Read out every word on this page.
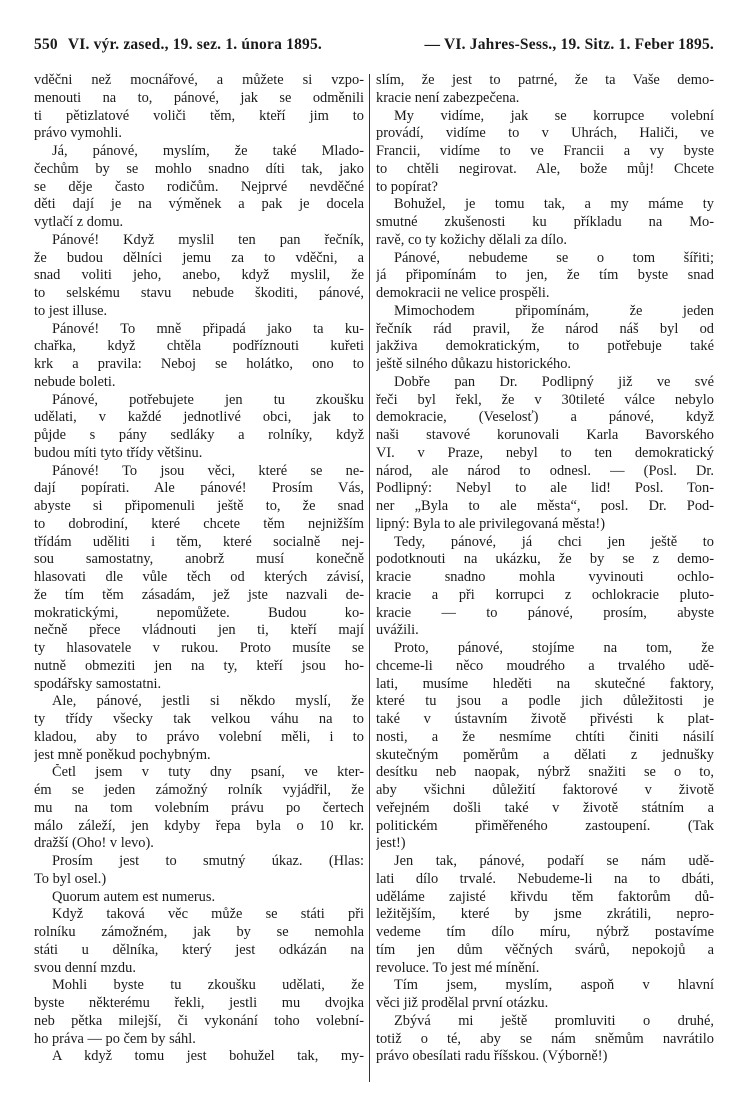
550 VI. výr. zased., 19. sez. 1. února 1895.	— VI. Jahres-Sess., 19. Sitz. 1. Feber 1895.
vděčni než mocnářové, a můžete si vzpo-
menouti na to, pánové, jak se odměnili
ti pětizlatové voliči těm, kteří jim to
právo vymohli.
Já, pánové, myslím, že také Mlado-
čechům by se mohlo snadno díti tak, jako
se děje často rodičům. Nejprvé nevděčné
děti dají je na výměnek a pak je docela
vytlačí z domu.
Pánové! Když myslil ten pan řečník,
že budou dělníci jemu za to vděčni, a
snad voliti jeho, anebo, když myslil, že
to selskému stavu nebude škoditi, pánové,
to jest illuse.
Pánové! To mně připadá jako ta ku-
chařka, když chtěla podříznouti kuřeti
krk a pravila: Neboj se holátko, ono to
nebude boleti.
Pánové, potřebujete jen tu zkoušku
udělati, v každé jednotlivé obci, jak to
půjde s pány sedláky a rolníky, když
budou míti tyto třídy většinu.
Pánové! To jsou věci, které se ne-
dají popírati. Ale pánové! Prosím Vás,
abyste si připomenuli ještě to, že snad
to dobrodiní, které chcete těm nejnižším
třídám uděliti i těm, které socialně nej-
sou samostatny, anobrž musí konečně
hlasovati dle vůle těch od kterých závisí,
že tím těm zásadám, jež jste nazvali de-
mokratickými, nepomůžete. Budou ko-
nečně přece vládnouti jen ti, kteří mají
ty hlasovatele v rukou. Proto musíte se
nutně obmeziti jen na ty, kteří jsou ho-
spodářsky samostatni.
Ale, pánové, jestli si někdo myslí, že
ty třídy všecky tak velkou váhu na to
kladou, aby to právo volební měli, i to
jest mně poněkud pochybným.
Četl jsem v tuty dny psaní, ve kter-
ém se jeden zámožný rolník vyjádřil, že
mu na tom volebním právu po čertech
málo záleží, jen kdyby řepa byla o 10 kr.
dražší (Oho! v levo).
Prosím jest to smutný úkaz. (Hlas:
To byl osel.)
Quorum autem est numerus.
Když taková věc může se státi při
rolníku zámožném, jak by se nemohla
státi u dělníka, který jest odkázán na
svou denní mzdu.
Mohli byste tu zkoušku udělati, že
byste některému řekli, jestli mu dvojka
neb pětka milejší, či vykonání toho volební-
ho práva — po čem by sáhl.
A když tomu jest bohužel tak, my-
slím, že jest to patrné, že ta Vaše demo-
kracie není zabezpečena.
My vidíme, jak se korrupce volební
provádí, vidíme to v Uhrách, Haliči, ve
Francii, vidíme to ve Francii a vy byste
to chtěli negirovat. Ale, bože můj! Chcete
to popírat?
Bohužel, je tomu tak, a my máme ty
smutné zkušenosti ku příkladu na Mo-
ravě, co ty kožichy dělali za dílo.
Pánové, nebudeme se o tom šířiti;
já připomínám to jen, že tím byste snad
demokracii ne velice prospěli.
Mimochodem připomínám, že jeden
řečník rád pravil, že národ náš byl od
jakživa demokratickým, to potřebuje také
ještě silného důkazu historického.
Dobře pan Dr. Podlipný již ve své
řeči byl řekl, že v 30tileté válce nebylo
demokracie, (Veselosť) a pánové, když
naši stavové korunovali Karla Bavorského
VI. v Praze, nebyl to ten demokratický
národ, ale národ to odnesl. — (Posl. Dr.
Podlipný: Nebyl to ale lid! Posl. Ton-
ner „Byla to ale města“, posl. Dr. Pod-
lipný: Byla to ale privilegovaná města!)
Tedy, pánové, já chci jen ještě to
podotknouti na ukázku, že by se z demo-
kracie snadno mohla vyvinouti ochlo-
kracie a při korrupci z ochlokracie pluto-
kracie — to pánové, prosím, abyste
uvážili.
Proto, pánové, stojíme na tom, že
chceme-li něco moudrého a trvalého udě-
lati, musíme hleděti na skutečné faktory,
které tu jsou a podle jich důležitosti je
také v ústavním životě přivésti k plat-
nosti, a že nesmíme chtíti činiti násilí
skutečným poměrům a dělati z jednušky
desítku neb naopak, nýbrž snažiti se o to,
aby všichni důležití faktorové v životě
veřejném došli také v životě státním a
politickém přiměřeného zastoupení. (Tak
jest!)
Jen tak, pánové, podaří se nám udě-
lati dílo trvalé. Nebudeme-li na to dbáti,
uděláme zajisté křivdu těm faktorům dů-
ležitějším, které by jsme zkrátili, nepro-
vedeme tím dílo míru, nýbrž postavíme
tím jen dům věčných svárů, nepokojů a
revoluce. To jest mé mínění.
Tím jsem, myslím, aspoň v hlavní
věci již prodělal první otázku.
Zbývá mi ještě promluviti o druhé,
totiž o té, aby se nám sněmům navrátilo
právo obesílati radu říšskou. (Výborně!)
